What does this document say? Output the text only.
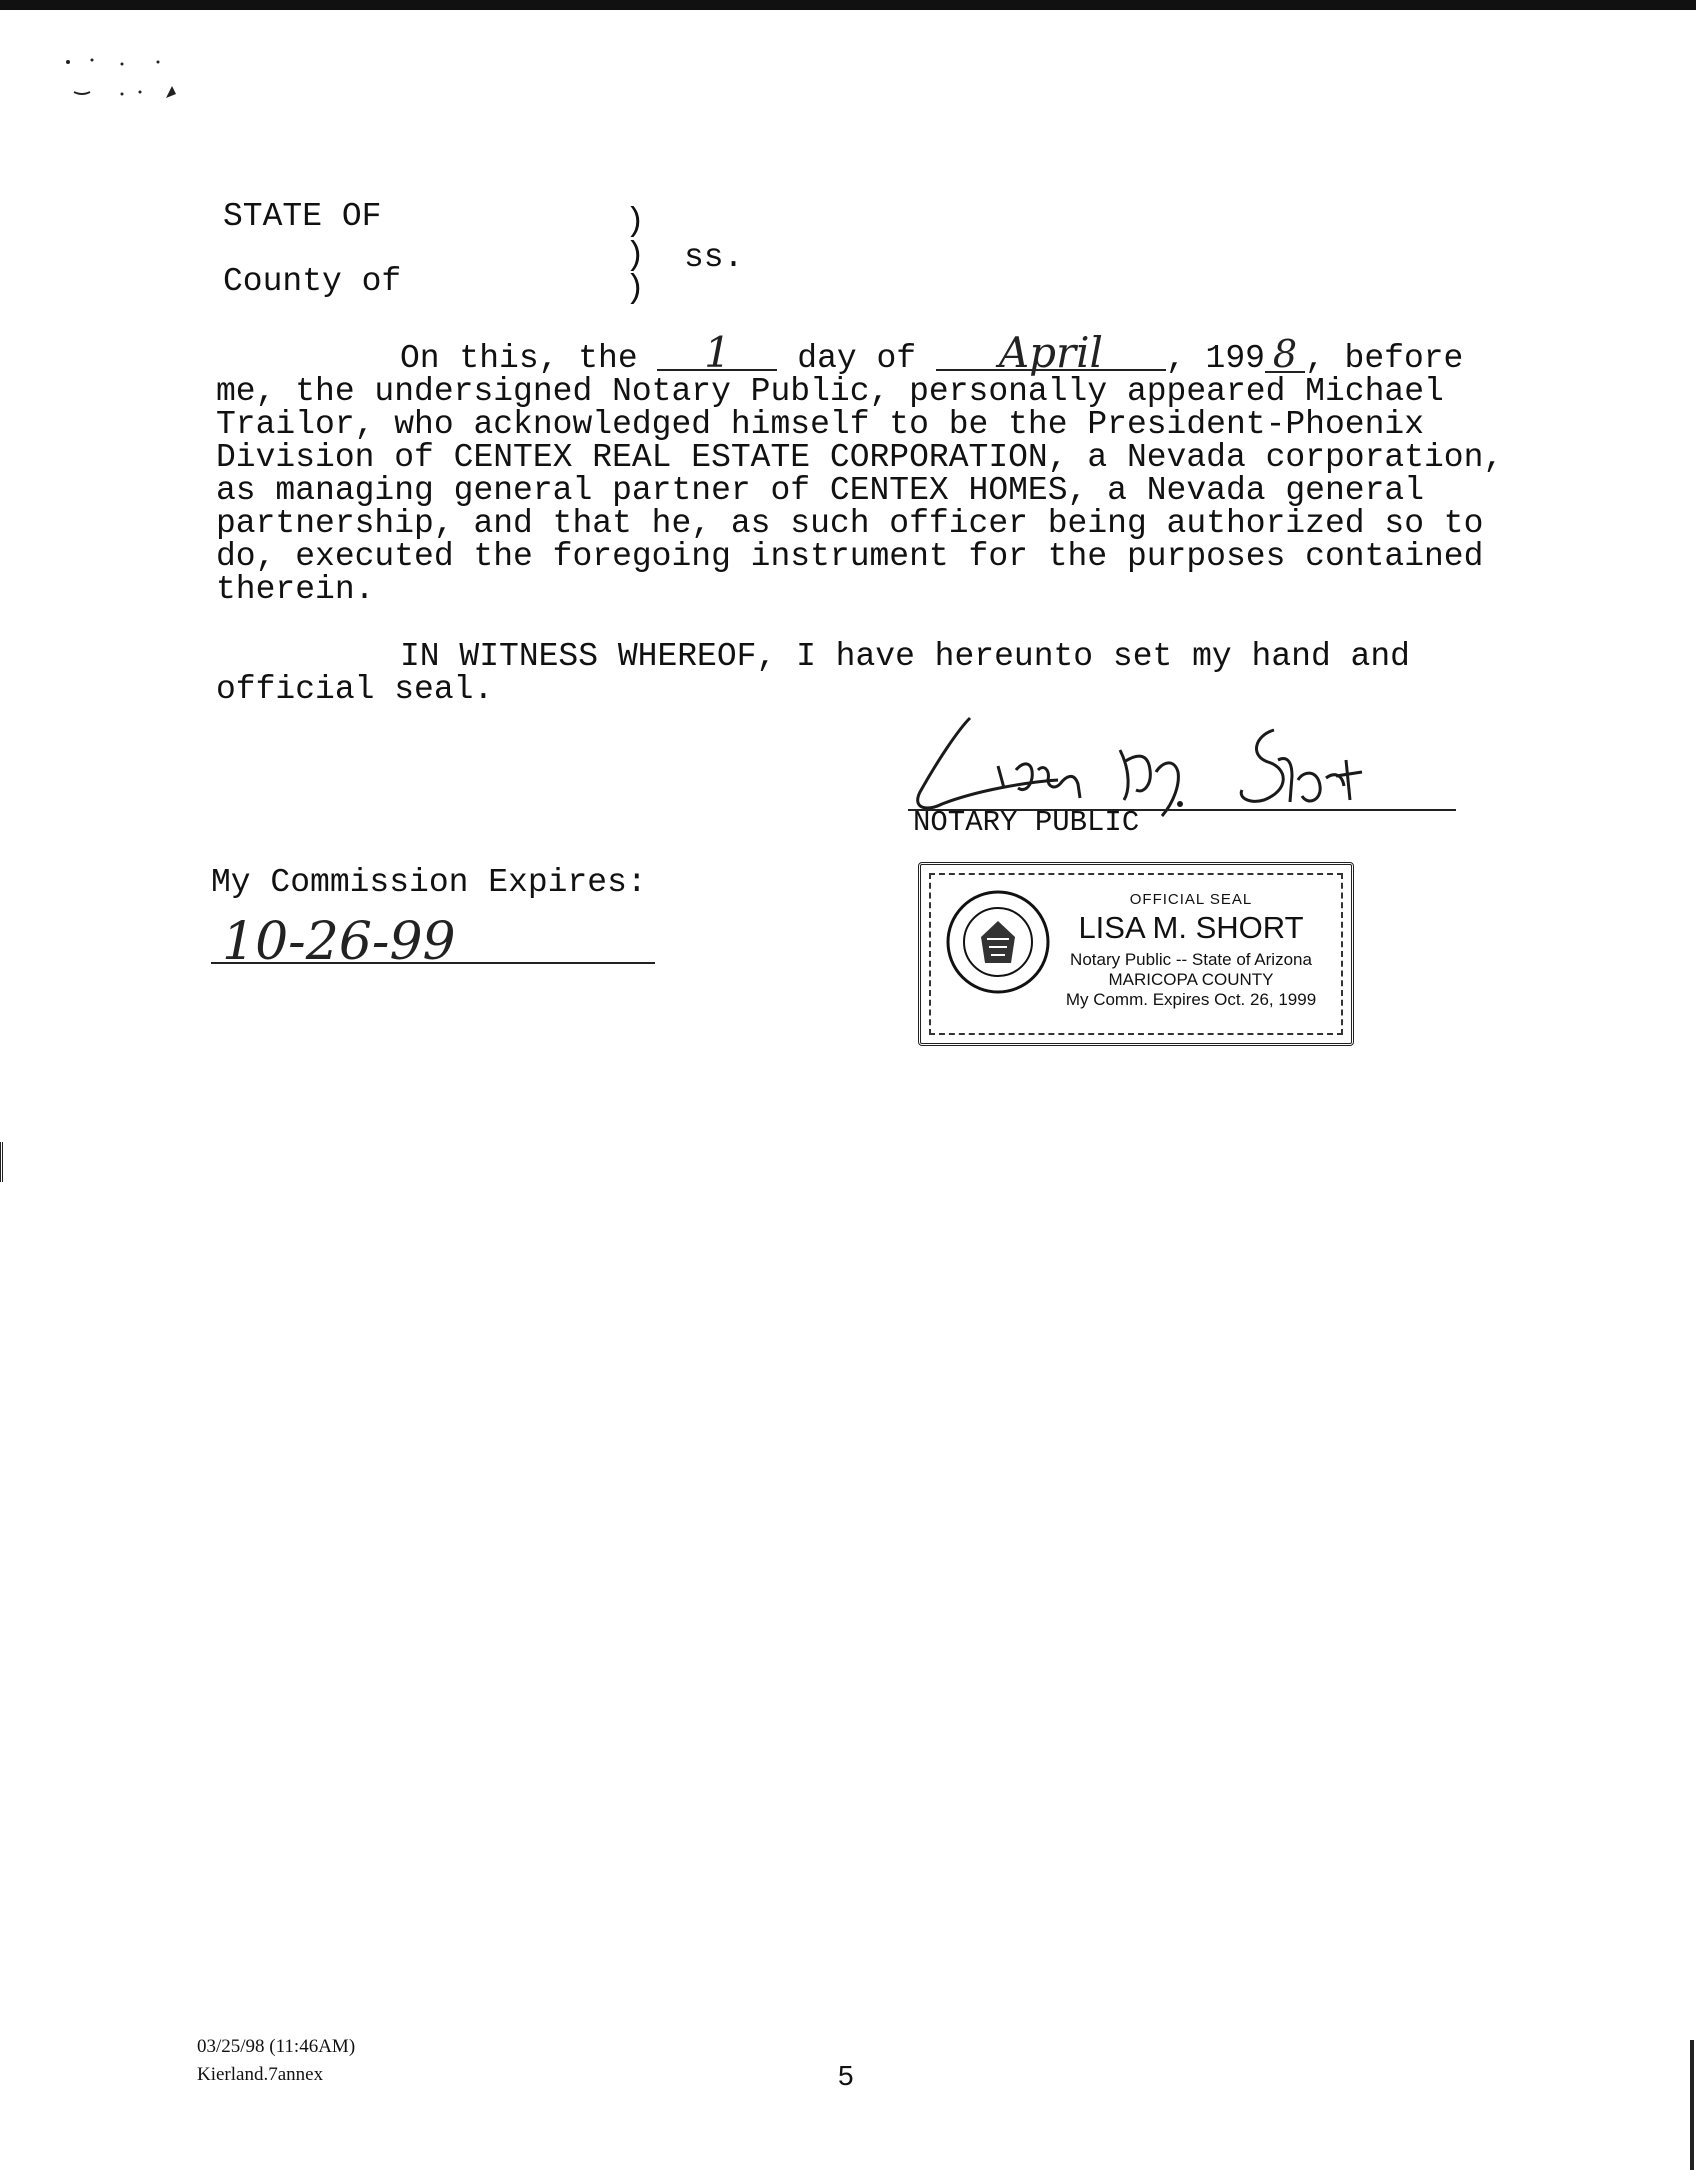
STATE OF	)
) ss.
County of	)
On this, the 1 day of April , 199 8 , before
me, the undersigned Notary Public, personally appeared Michael
Trailor, who acknowledged himself to be the President-Phoenix
Division of CENTEX REAL ESTATE CORPORATION, a Nevada corporation,
as managing general partner of CENTEX HOMES, a Nevada general
partnership, and that he, as such officer being authorized so to
do, executed the foregoing instrument for the purposes contained
therein.
IN WITNESS WHEREOF, I have hereunto set my hand and
official seal.
NOTARY PUBLIC
My Commission Expires:
10-26-99
OFFICIAL SEAL
LISA M. SHORT
Notary Public -- State of Arizona
MARICOPA COUNTY
My Comm. Expires Oct. 26, 1999
03/25/98 (11:46AM)
Kierland.7annex	5
